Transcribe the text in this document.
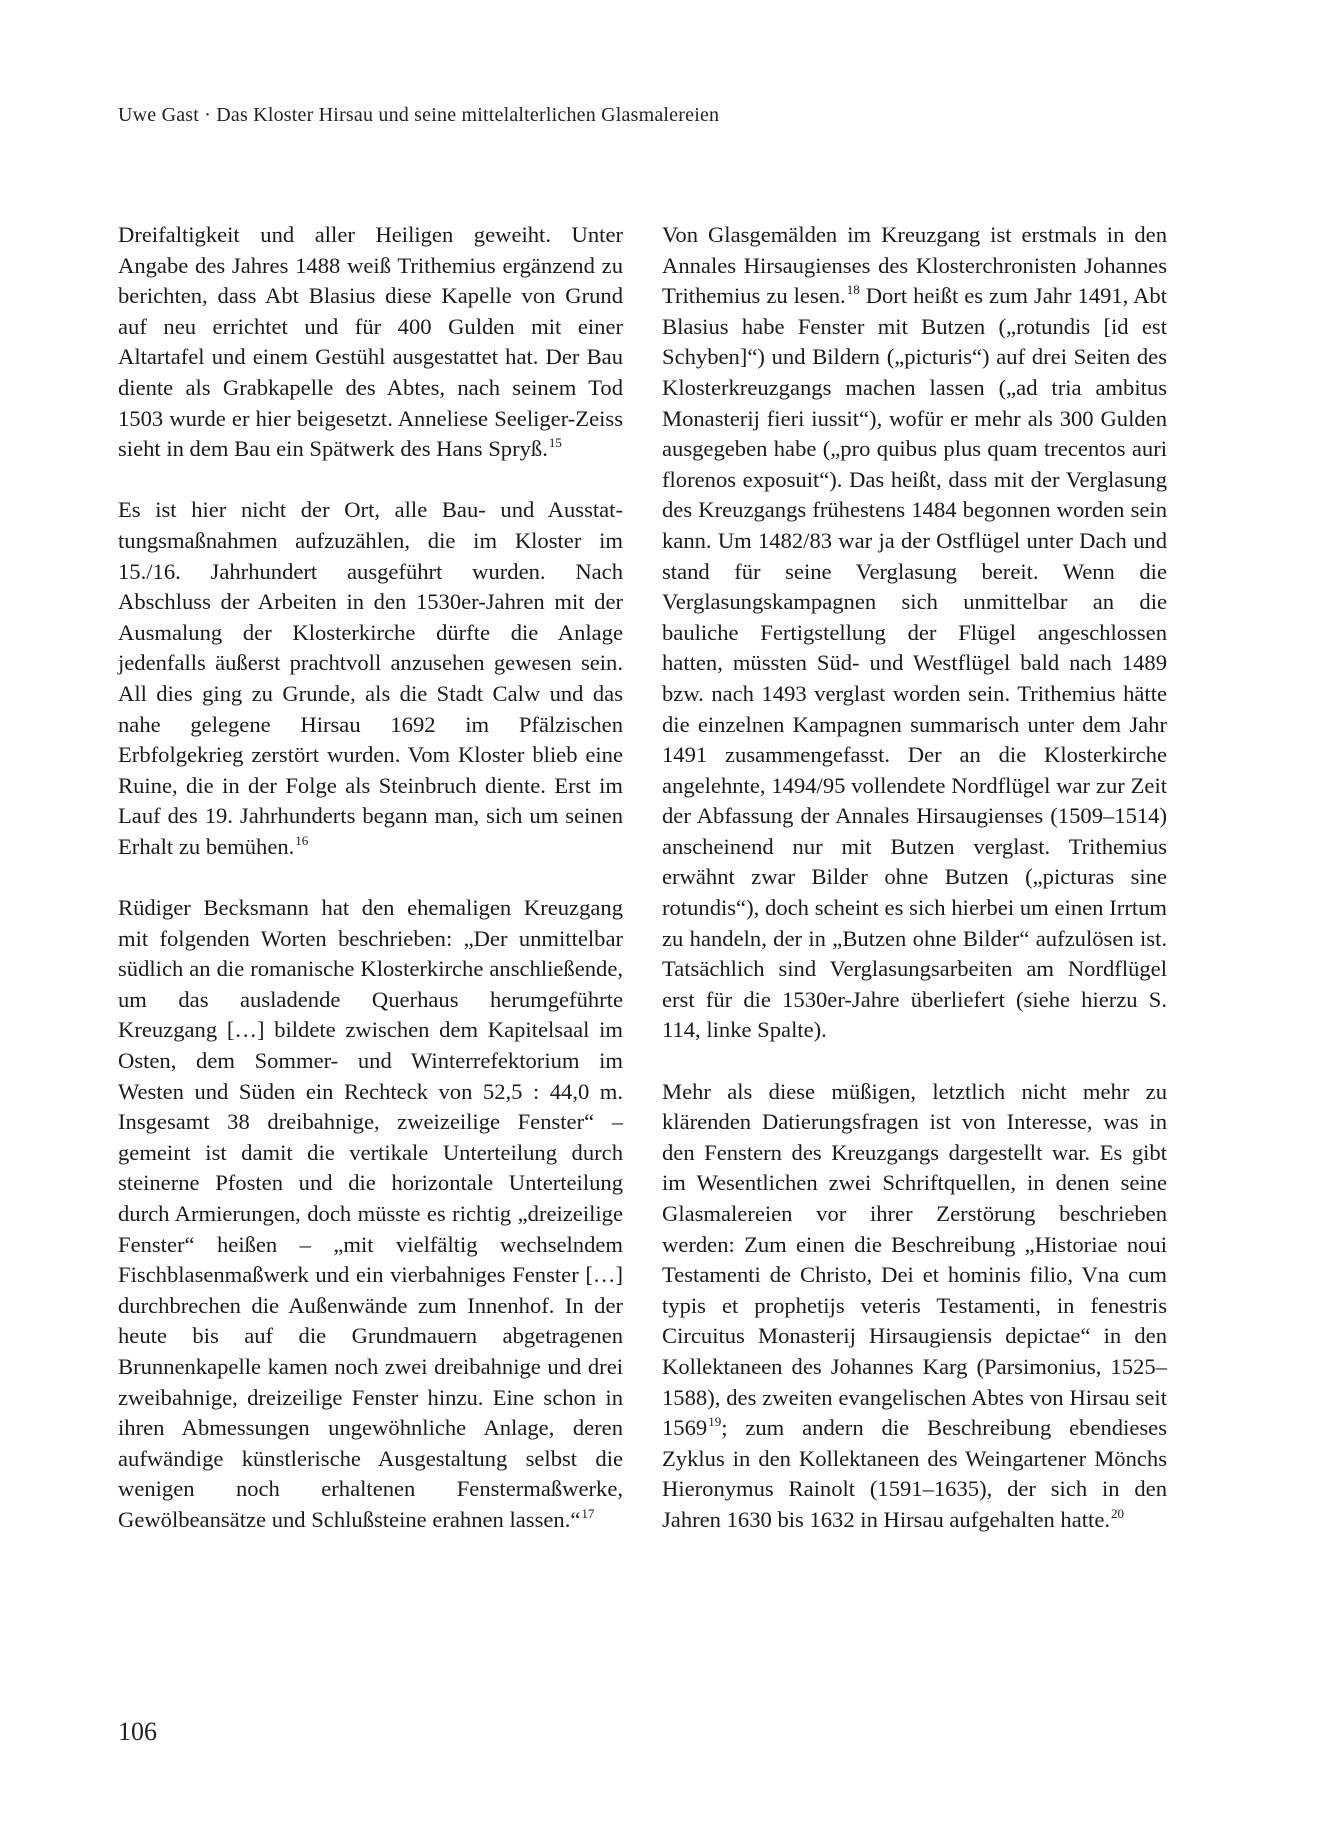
Uwe Gast · Das Kloster Hirsau und seine mittelalterlichen Glasmalereien

Dreifaltigkeit und aller Heiligen geweiht. Unter Angabe des Jahres 1488 weiß Trithemius ergänzend zu berichten, dass Abt Blasius diese Kapelle von Grund auf neu errichtet und für 400 Gulden mit einer Altartafel und einem Gestühl ausgestattet hat. Der Bau diente als Grabkapelle des Abtes, nach seinem Tod 1503 wurde er hier beigesetzt. Anneliese Seeliger-Zeiss sieht in dem Bau ein Spätwerk des Hans Spryß.$^{15}$

Es ist hier nicht der Ort, alle Bau- und Ausstattungsmaßnahmen aufzuzählen, die im Kloster im 15./16. Jahrhundert ausgeführt wurden. Nach Abschluss der Arbeiten in den 1530er-Jahren mit der Ausmalung der Klosterkirche dürfte die Anlage jedenfalls äußerst prachtvoll anzusehen gewesen sein. All dies ging zu Grunde, als die Stadt Calw und das nahe gelegene Hirsau 1692 im Pfälzischen Erbfolgekrieg zerstört wurden. Vom Kloster blieb eine Ruine, die in der Folge als Steinbruch diente. Erst im Lauf des 19. Jahrhunderts begann man, sich um seinen Erhalt zu bemühen.$^{16}$

Rüdiger Becksmann hat den ehemaligen Kreuzgang mit folgenden Worten beschrieben: „Der unmittelbar südlich an die romanische Klosterkirche anschließende, um das ausladende Querhaus herumgeführte Kreuzgang […] bildete zwischen dem Kapitelsaal im Osten, dem Sommer- und Winterrefektorium im Westen und Süden ein Rechteck von 52,5 : 44,0 m. Insgesamt 38 dreibahnige, zweizeilige Fenster“ – gemeint ist damit die vertikale Unterteilung durch steinerne Pfosten und die horizontale Unterteilung durch Armierungen, doch müsste es richtig „dreizeilige Fenster“ heißen – „mit vielfältig wechselndem Fischblasenmaßwerk und ein vierbahniges Fenster […] durchbrechen die Außenwände zum Innenhof. In der heute bis auf die Grundmauern abgetragenen Brunnenkapelle kamen noch zwei dreibahnige und drei zweibahnige, dreizeilige Fenster hinzu. Eine schon in ihren Abmessungen ungewöhnliche Anlage, deren aufwändige künstlerische Ausgestaltung selbst die wenigen noch erhaltenen Fenstermaßwerke, Gewölbeansätze und Schlußsteine erahnen lassen.“$^{17}$

Von Glasgemälden im Kreuzgang ist erstmals in den Annales Hirsaugienses des Klosterchronisten Johannes Trithemius zu lesen.$^{18}$ Dort heißt es zum Jahr 1491, Abt Blasius habe Fenster mit Butzen („rotundis [id est Schyben]“) und Bildern („picturis“) auf drei Seiten des Klosterkreuzgangs machen lassen („ad tria ambitus Monasterij fieri iussit“), wofür er mehr als 300 Gulden ausgegeben habe („pro quibus plus quam trecentos auri florenos exposuit“). Das heißt, dass mit der Verglasung des Kreuzgangs frühestens 1484 begonnen worden sein kann. Um 1482/83 war ja der Ostflügel unter Dach und stand für seine Verglasung bereit. Wenn die Verglasungskampagnen sich unmittelbar an die bauliche Fertigstellung der Flügel angeschlossen hatten, müssten Süd- und Westflügel bald nach 1489 bzw. nach 1493 verglast worden sein. Trithemius hätte die einzelnen Kampagnen summarisch unter dem Jahr 1491 zusammengefasst. Der an die Klosterkirche angelehnte, 1494/95 vollendete Nordflügel war zur Zeit der Abfassung der Annales Hirsaugienses (1509–1514) anscheinend nur mit Butzen verglast. Trithemius erwähnt zwar Bilder ohne Butzen („picturas sine rotundis“), doch scheint es sich hierbei um einen Irrtum zu handeln, der in „Butzen ohne Bilder“ aufzulösen ist. Tatsächlich sind Verglasungsarbeiten am Nordflügel erst für die 1530er-Jahre überliefert (siehe hierzu S. 114, linke Spalte).

Mehr als diese müßigen, letztlich nicht mehr zu klärenden Datierungsfragen ist von Interesse, was in den Fenstern des Kreuzgangs dargestellt war. Es gibt im Wesentlichen zwei Schriftquellen, in denen seine Glasmalereien vor ihrer Zerstörung beschrieben werden: Zum einen die Beschreibung „Historiae noui Testamenti de Christo, Dei et hominis filio, Vna cum typis et prophetijs veteris Testamenti, in fenestris Circuitus Monasterij Hirsaugiensis depictae“ in den Kollektaneen des Johannes Karg (Parsimonius, 1525–1588), des zweiten evangelischen Abtes von Hirsau seit 1569$^{19}$; zum andern die Beschreibung ebendieses Zyklus in den Kollektaneen des Weingartener Mönchs Hieronymus Rainolt (1591–1635), der sich in den Jahren 1630 bis 1632 in Hirsau aufgehalten hatte.$^{20}$

106
